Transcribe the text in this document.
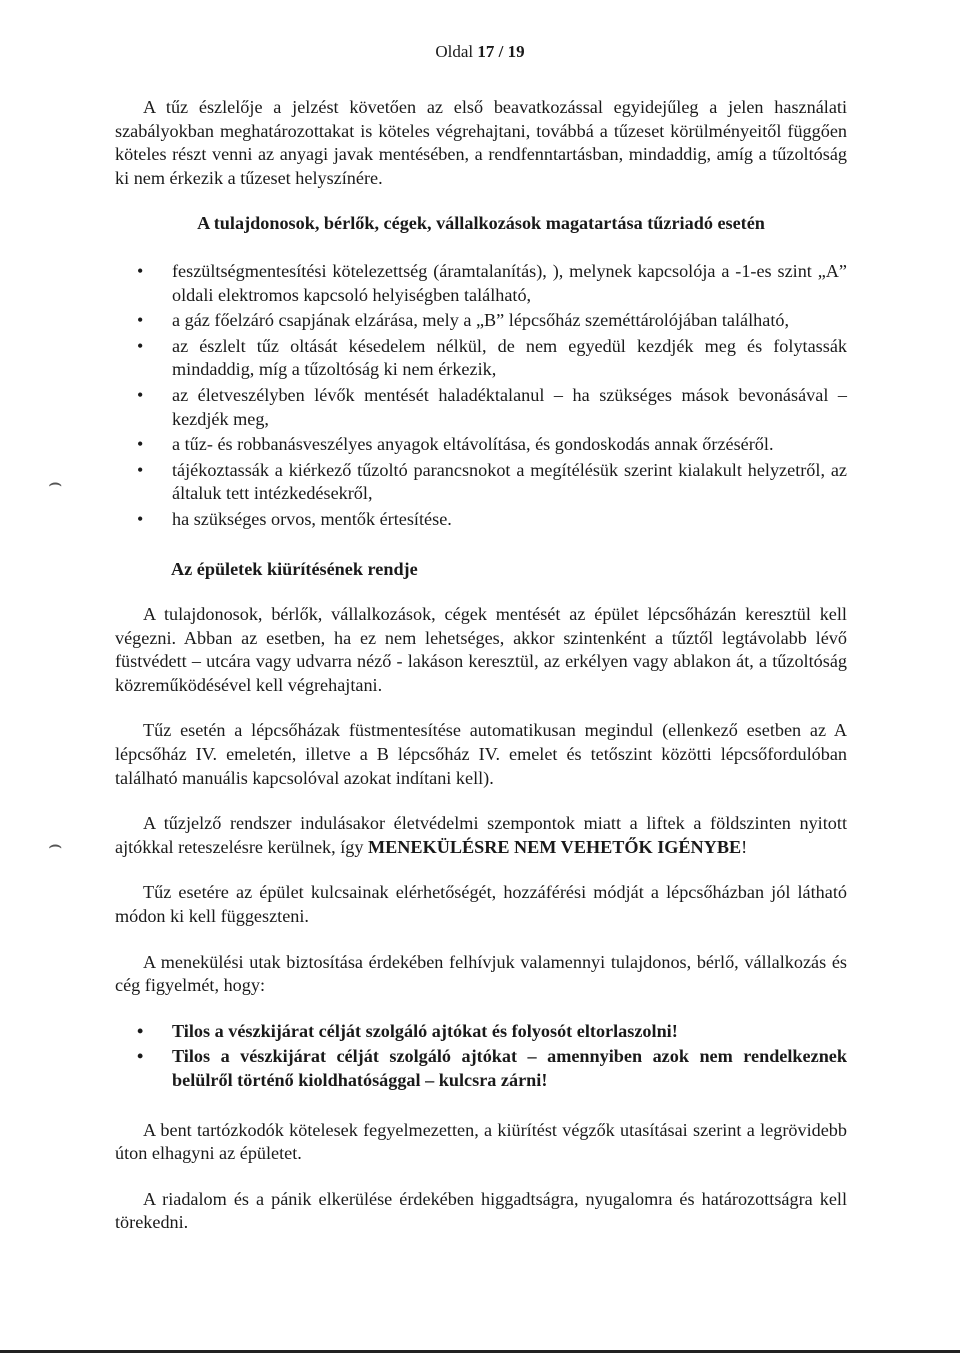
Oldal 17 / 19
⌢
⌢

A tűz észlelője a jelzést követően az első beavatkozással egyidejűleg a jelen használati szabályokban meghatározottakat is köteles végrehajtani, továbbá a tűzeset körülményeitől függően köteles részt venni az anyagi javak mentésében, a rendfenntartásban, mindaddig, amíg a tűzoltóság ki nem érkezik a tűzeset helyszínére.

A tulajdonosok, bérlők, cégek, vállalkozások magatartása tűzriadó esetén

• feszültségmentesítési kötelezettség (áramtalanítás), ), melynek kapcsolója a -1-es szint „A” oldali elektromos kapcsoló helyiségben található,
• a gáz főelzáró csapjának elzárása, mely a „B” lépcsőház szeméttárolójában található,
• az észlelt tűz oltását késedelem nélkül, de nem egyedül kezdjék meg és folytassák mindaddig, míg a tűzoltóság ki nem érkezik,
• az életveszélyben lévők mentését haladéktalanul – ha szükséges mások bevonásával – kezdjék meg,
• a tűz- és robbanásveszélyes anyagok eltávolítása, és gondoskodás annak őrzéséről.
• tájékoztassák a kiérkező tűzoltó parancsnokot a megítélésük szerint kialakult helyzetről, az általuk tett intézkedésekről,
• ha szükséges orvos, mentők értesítése.

Az épületek kiürítésének rendje

A tulajdonosok, bérlők, vállalkozások, cégek mentését az épület lépcsőházán keresztül kell végezni. Abban az esetben, ha ez nem lehetséges, akkor szintenként a tűztől legtávolabb lévő füstvédett – utcára vagy udvarra néző - lakáson keresztül, az erkélyen vagy ablakon át, a tűzoltóság közreműködésével kell végrehajtani.

Tűz esetén a lépcsőházak füstmentesítése automatikusan megindul (ellenkező esetben az A lépcsőház IV. emeletén, illetve a B lépcsőház IV. emelet és tetőszint közötti lépcsőfordulóban található manuális kapcsolóval azokat indítani kell).

A tűzjelző rendszer indulásakor életvédelmi szempontok miatt a liftek a földszinten nyitott ajtókkal reteszelésre kerülnek, így MENEKÜLÉSRE NEM VEHETŐK IGÉNYBE!

Tűz esetére az épület kulcsainak elérhetőségét, hozzáférési módját a lépcsőházban jól látható módon ki kell függeszteni.

A menekülési utak biztosítása érdekében felhívjuk valamennyi tulajdonos, bérlő, vállalkozás és cég figyelmét, hogy:

• Tilos a vészkijárat célját szolgáló ajtókat és folyosót eltorlaszolni!
• Tilos a vészkijárat célját szolgáló ajtókat – amennyiben azok nem rendelkeznek belülről történő kioldhatósággal – kulcsra zárni!

A bent tartózkodók kötelesek fegyelmezetten, a kiürítést végzők utasításai szerint a legrövidebb úton elhagyni az épületet.

A riadalom és a pánik elkerülése érdekében higgadtságra, nyugalomra és határozottságra kell törekedni.
